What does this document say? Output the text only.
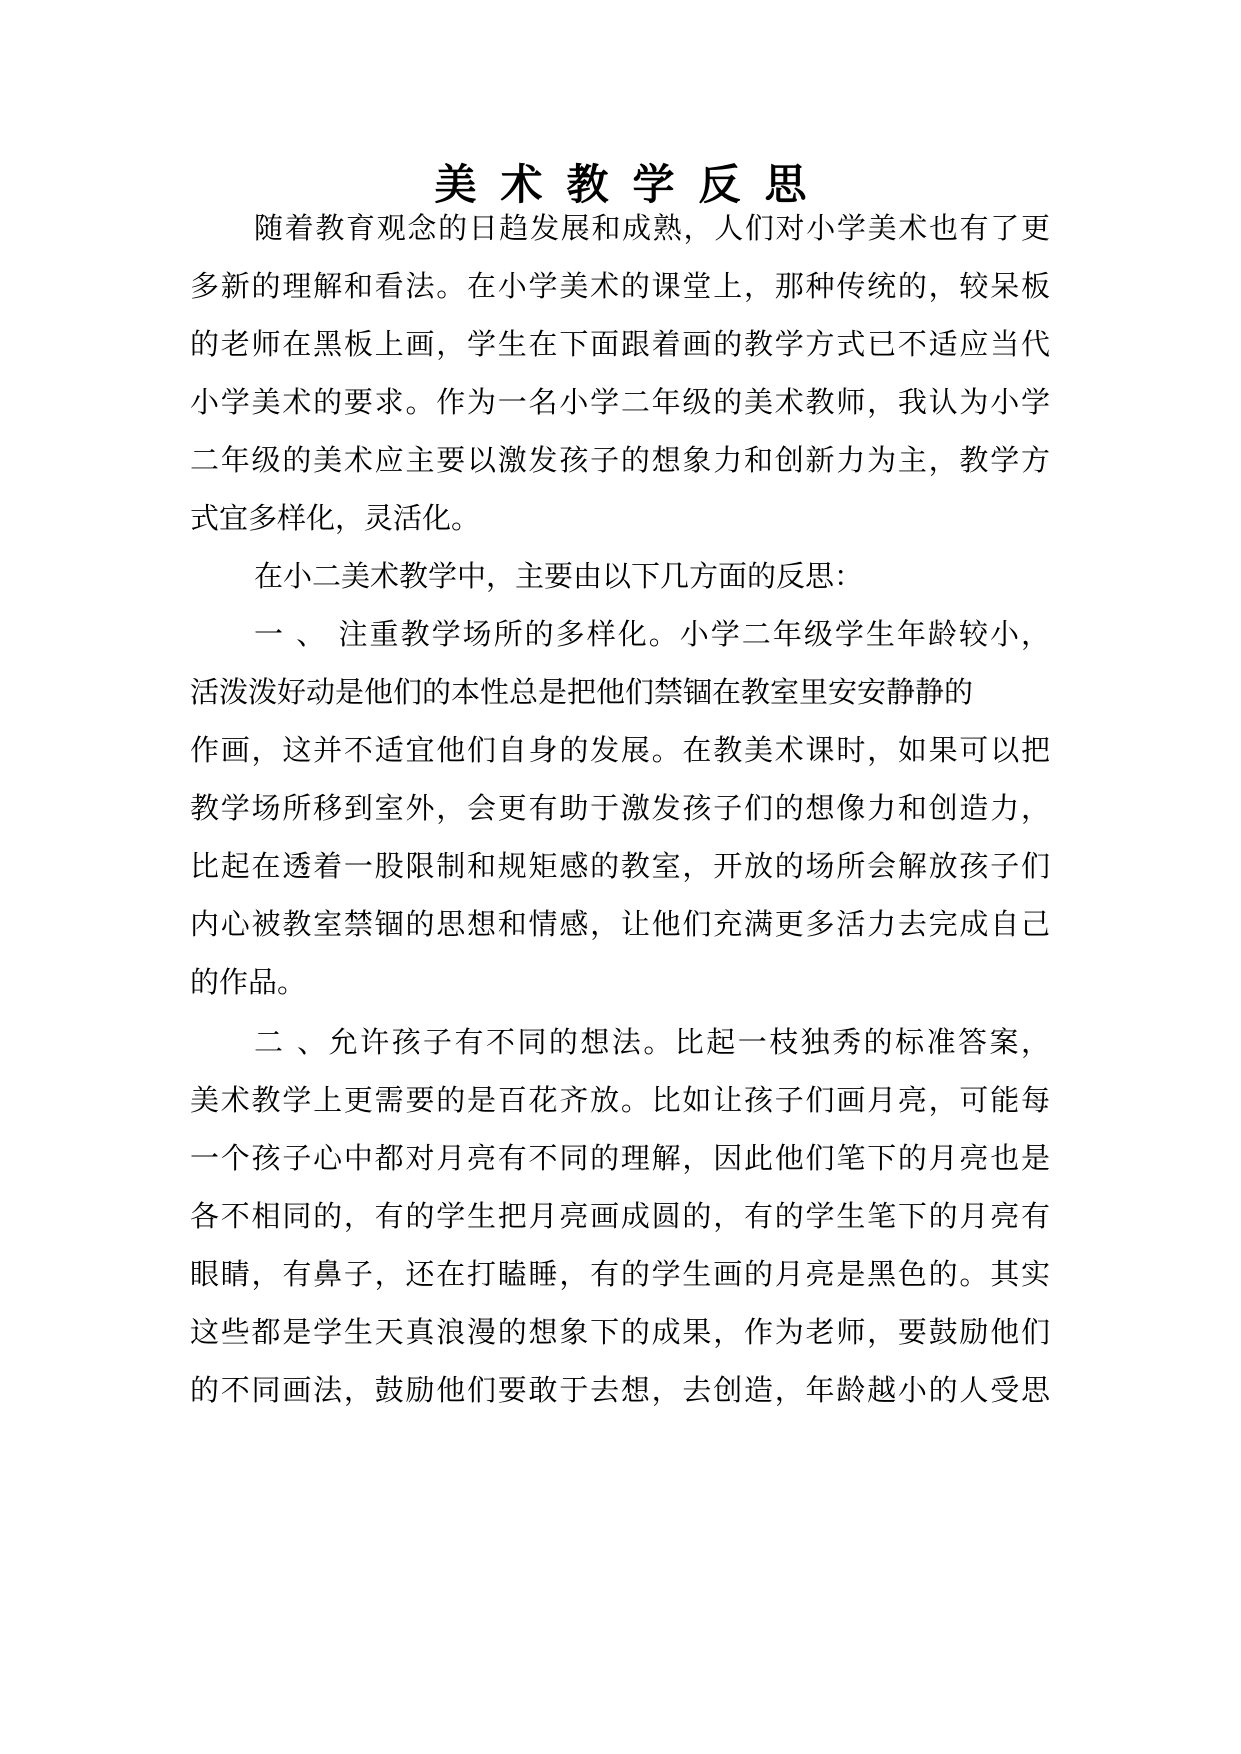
美术教学反思

随着教育观念的日趋发展和成熟，人们对小学美术也有了更

多新的理解和看法。在小学美术的课堂上，那种传统的，较呆板

的老师在黑板上画，学生在下面跟着画的教学方式已不适应当代

小学美术的要求。作为一名小学二年级的美术教师，我认为小学

二年级的美术应主要以激发孩子的想象力和创新力为主，教学方

式宜多样化，灵活化。

在小二美术教学中，主要由以下几方面的反思：

一 、 注重教学场所的多样化。小学二年级学生年龄较小，

活泼泼好动是他们的本性总是把他们禁锢在教室里安安静静的

作画，这并不适宜他们自身的发展。在教美术课时，如果可以把

教学场所移到室外，会更有助于激发孩子们的想像力和创造力，

比起在透着一股限制和规矩感的教室，开放的场所会解放孩子们

内心被教室禁锢的思想和情感，让他们充满更多活力去完成自己

的作品。

二 、允许孩子有不同的想法。比起一枝独秀的标准答案，

美术教学上更需要的是百花齐放。比如让孩子们画月亮，可能每

一个孩子心中都对月亮有不同的理解，因此他们笔下的月亮也是

各不相同的，有的学生把月亮画成圆的，有的学生笔下的月亮有

眼睛，有鼻子，还在打瞌睡，有的学生画的月亮是黑色的。其实

这些都是学生天真浪漫的想象下的成果，作为老师，要鼓励他们

的不同画法，鼓励他们要敢于去想，去创造，年龄越小的人受思
